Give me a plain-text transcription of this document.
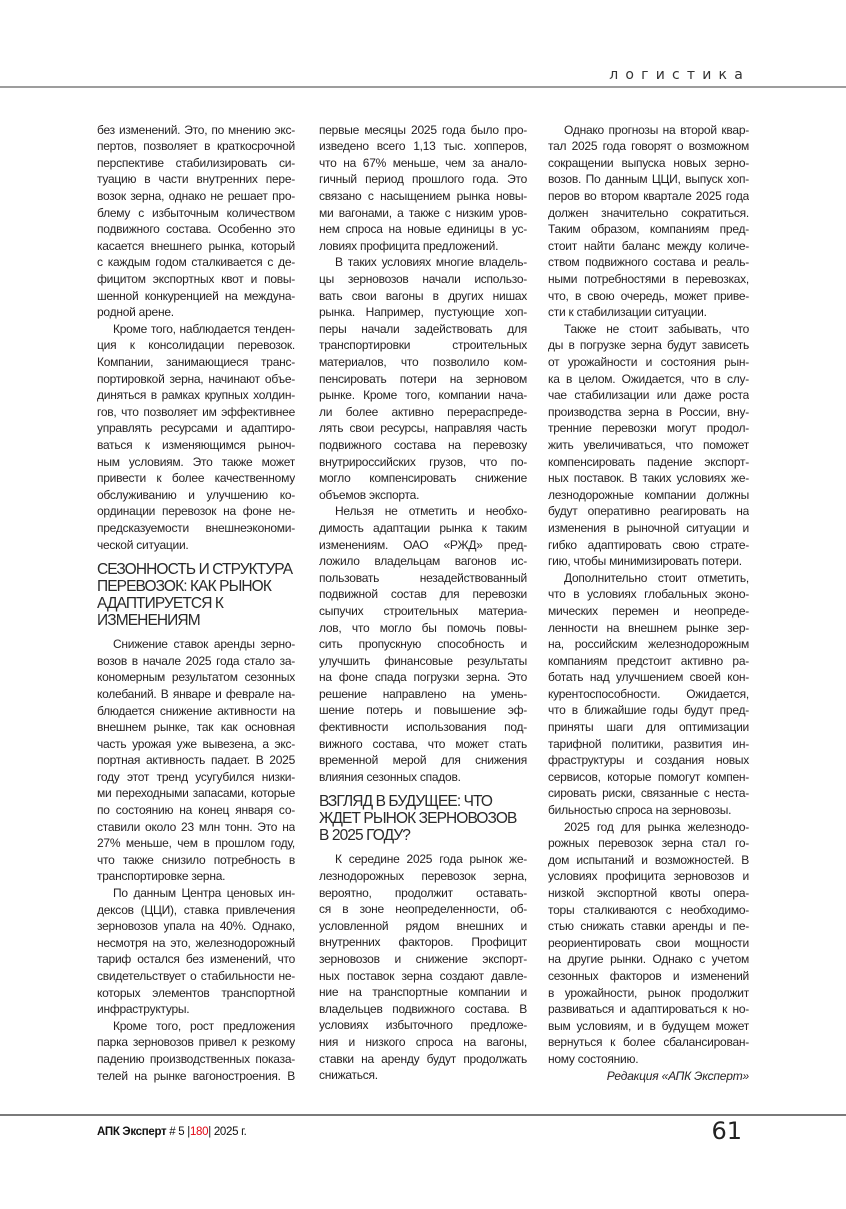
логистика
без изменений. Это, по мнению экс-
пертов, позволяет в краткосрочной
перспективе стабилизировать си-
туацию в части внутренних пере-
возок зерна, однако не решает про-
блему с избыточным количеством
подвижного состава. Особенно это
касается внешнего рынка, который
с каждым годом сталкивается с де-
фицитом экспортных квот и повы-
шенной конкуренцией на междуна-
родной арене.
Кроме того, наблюдается тенден-
ция к консолидации перевозок.
Компании, занимающиеся транс-
портировкой зерна, начинают объе-
диняться в рамках крупных холдин-
гов, что позволяет им эффективнее
управлять ресурсами и адаптиро-
ваться к изменяющимся рыноч-
ным условиям. Это также может
привести к более качественному
обслуживанию и улучшению ко-
ординации перевозок на фоне не-
предсказуемости внешнеэкономи-
ческой ситуации.
СЕЗОННОСТЬ И СТРУКТУРА
ПЕРЕВОЗОК: КАК РЫНОК
АДАПТИРУЕТСЯ К
ИЗМЕНЕНИЯМ
Снижение ставок аренды зерно-
возов в начале 2025 года стало за-
кономерным результатом сезонных
колебаний. В январе и феврале на-
блюдается снижение активности на
внешнем рынке, так как основная
часть урожая уже вывезена, а экс-
портная активность падает. В 2025
году этот тренд усугубился низки-
ми переходными запасами, которые
по состоянию на конец января со-
ставили около 23 млн тонн. Это на
27% меньше, чем в прошлом году,
что также снизило потребность в
транспортировке зерна.
По данным Центра ценовых ин-
дексов (ЦЦИ), ставка привлечения
зерновозов упала на 40%. Однако,
несмотря на это, железнодорожный
тариф остался без изменений, что
свидетельствует о стабильности не-
которых элементов транспортной
инфраструктуры.
Кроме того, рост предложения
парка зерновозов привел к резкому
падению производственных показа-
телей на рынке вагоностроения. В
первые месяцы 2025 года было про-
изведено всего 1,13 тыс. хопперов,
что на 67% меньше, чем за анало-
гичный период прошлого года. Это
связано с насыщением рынка новы-
ми вагонами, а также с низким уров-
нем спроса на новые единицы в ус-
ловиях профицита предложений.
В таких условиях многие владель-
цы зерновозов начали использо-
вать свои вагоны в других нишах
рынка. Например, пустующие хоп-
перы начали задействовать для
транспортировки строительных
материалов, что позволило ком-
пенсировать потери на зерновом
рынке. Кроме того, компании нача-
ли более активно перераспреде-
лять свои ресурсы, направляя часть
подвижного состава на перевозку
внутрироссийских грузов, что по-
могло компенсировать снижение
объемов экспорта.
Нельзя не отметить и необхо-
димость адаптации рынка к таким
изменениям. ОАО «РЖД» пред-
ложило владельцам вагонов ис-
пользовать незадействованный
подвижной состав для перевозки
сыпучих строительных материа-
лов, что могло бы помочь повы-
сить пропускную способность и
улучшить финансовые результаты
на фоне спада погрузки зерна. Это
решение направлено на умень-
шение потерь и повышение эф-
фективности использования под-
вижного состава, что может стать
временной мерой для снижения
влияния сезонных спадов.
ВЗГЛЯД В БУДУЩЕЕ: ЧТО
ЖДЕТ РЫНОК ЗЕРНОВОЗОВ
В 2025 ГОДУ?
К середине 2025 года рынок же-
лезнодорожных перевозок зерна,
вероятно, продолжит оставать-
ся в зоне неопределенности, об-
условленной рядом внешних и
внутренних факторов. Профицит
зерновозов и снижение экспорт-
ных поставок зерна создают давле-
ние на транспортные компании и
владельцев подвижного состава. В
условиях избыточного предложе-
ния и низкого спроса на вагоны,
ставки на аренду будут продолжать
снижаться.
Однако прогнозы на второй квар-
тал 2025 года говорят о возможном
сокращении выпуска новых зерно-
возов. По данным ЦЦИ, выпуск хоп-
перов во втором квартале 2025 года
должен значительно сократиться.
Таким образом, компаниям пред-
стоит найти баланс между количе-
ством подвижного состава и реаль-
ными потребностями в перевозках,
что, в свою очередь, может приве-
сти к стабилизации ситуации.
Также не стоит забывать, что
ды в погрузке зерна будут зависеть
от урожайности и состояния рын-
ка в целом. Ожидается, что в слу-
чае стабилизации или даже роста
производства зерна в России, вну-
тренние перевозки могут продол-
жить увеличиваться, что поможет
компенсировать падение экспорт-
ных поставок. В таких условиях же-
лезнодорожные компании должны
будут оперативно реагировать на
изменения в рыночной ситуации и
гибко адаптировать свою страте-
гию, чтобы минимизировать потери.
Дополнительно стоит отметить,
что в условиях глобальных эконо-
мических перемен и неопреде-
ленности на внешнем рынке зер-
на, российским железнодорожным
компаниям предстоит активно ра-
ботать над улучшением своей кон-
курентоспособности. Ожидается,
что в ближайшие годы будут пред-
приняты шаги для оптимизации
тарифной политики, развития ин-
фраструктуры и создания новых
сервисов, которые помогут компен-
сировать риски, связанные с неста-
бильностью спроса на зерновозы.
2025 год для рынка железнодо-
рожных перевозок зерна стал го-
дом испытаний и возможностей. В
условиях профицита зерновозов и
низкой экспортной квоты опера-
торы сталкиваются с необходимо-
стью снижать ставки аренды и пе-
реориентировать свои мощности
на другие рынки. Однако с учетом
сезонных факторов и изменений
в урожайности, рынок продолжит
развиваться и адаптироваться к но-
вым условиям, и в будущем может
вернуться к более сбалансирован-
ному состоянию.
Редакция «АПК Эксперт»
АПК Эксперт # 5 |180| 2025 г.	61
